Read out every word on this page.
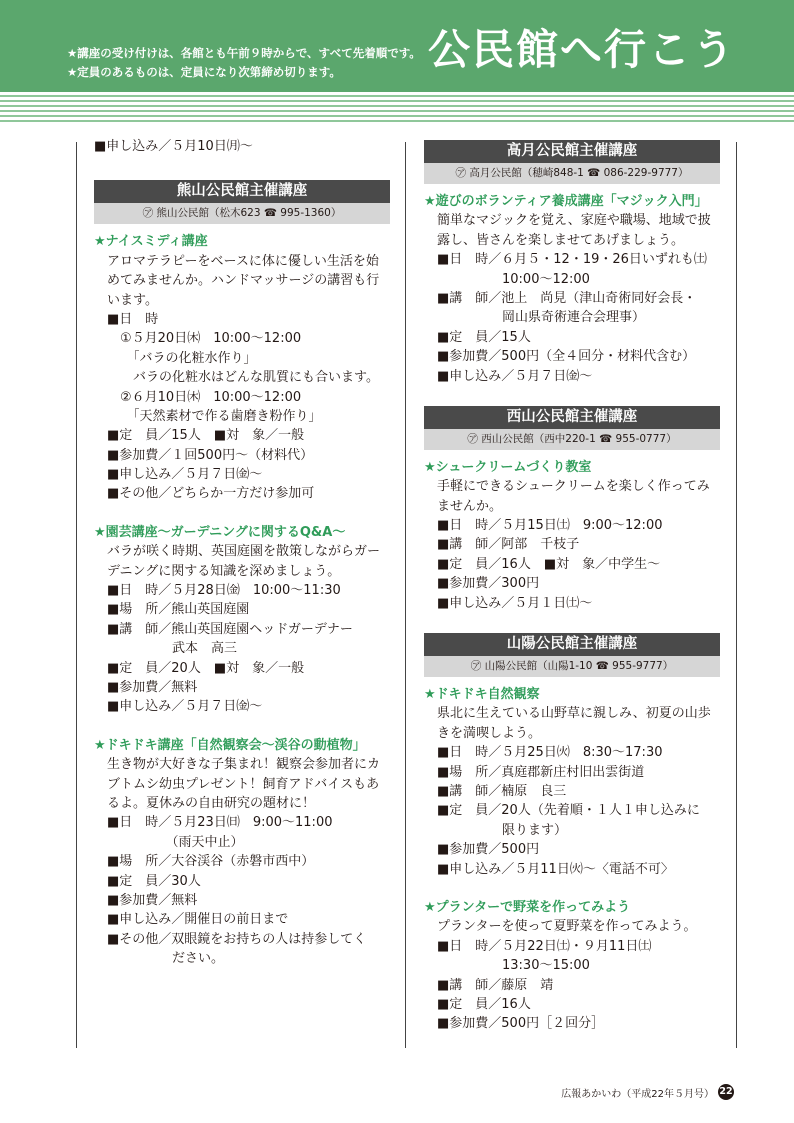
★講座の受け付けは、各館とも午前９時からで、すべて先着順です。
★定員のあるものは、定員になり次第締め切ります。	公民館へ行こう
■申し込み／５月10日㈪～
熊山公民館主催講座
㋐ 熊山公民館（松木623 ☎ 995-1360）
★ナイスミディ講座
　アロマテラピーをベースに体に優しい生活を始
　めてみませんか。ハンドマッサージの講習も行
　います。
　■日　時
　　①５月20日㈭　10:00～12:00
　　　「バラの化粧水作り」
　　　バラの化粧水はどんな肌質にも合います。
　　②６月10日㈭　10:00～12:00
　　　「天然素材で作る歯磨き粉作り」
　■定　員／15人　■対　象／一般
　■参加費／１回500円～（材料代）
　■申し込み／５月７日㈮～
　■その他／どちらか一方だけ参加可
★園芸講座～ガーデニングに関するQ&A～
　バラが咲く時期、英国庭園を散策しながらガー
　デニングに関する知識を深めましょう。
　■日　時／５月28日㈮　10:00～11:30
　■場　所／熊山英国庭園
　■講　師／熊山英国庭園ヘッドガーデナー
　　　　　　武本　高三
　■定　員／20人　■対　象／一般
　■参加費／無料
　■申し込み／５月７日㈮～
★ドキドキ講座「自然観察会～渓谷の動植物」
　生き物が大好きな子集まれ！観察会参加者にカ
　ブトムシ幼虫プレゼント！飼育アドバイスもあ
　るよ。夏休みの自由研究の題材に！
　■日　時／５月23日㈰　9:00～11:00
　　　　　　（雨天中止）
　■場　所／大谷渓谷（赤磐市西中）
　■定　員／30人
　■参加費／無料
　■申し込み／開催日の前日まで
　■その他／双眼鏡をお持ちの人は持参してく
　　　　　　ださい。
高月公民館主催講座
㋐ 高月公民館（穂崎848-1 ☎ 086-229-9777）
★遊びのボランティア養成講座「マジック入門」
　簡単なマジックを覚え、家庭や職場、地域で披
　露し、皆さんを楽しませてあげましょう。
　■日　時／６月５・12・19・26日いずれも㈯
　　　　　　10:00～12:00
　■講　師／池上　尚見（津山奇術同好会長・
　　　　　　岡山県奇術連合会理事）
　■定　員／15人
　■参加費／500円（全４回分・材料代含む）
　■申し込み／５月７日㈮～
西山公民館主催講座
㋐ 西山公民館（西中220-1 ☎ 955-0777）
★シュークリームづくり教室
　手軽にできるシュークリームを楽しく作ってみ
　ませんか。
　■日　時／５月15日㈯　9:00～12:00
　■講　師／阿部　千枝子
　■定　員／16人　■対　象／中学生～
　■参加費／300円
　■申し込み／５月１日㈯～
山陽公民館主催講座
㋐ 山陽公民館（山陽1-10 ☎ 955-9777）
★ドキドキ自然観察
　県北に生えている山野草に親しみ、初夏の山歩
　きを満喫しよう。
　■日　時／５月25日㈫　8:30～17:30
　■場　所／真庭郡新庄村旧出雲街道
　■講　師／楠原　良三
　■定　員／20人（先着順・１人１申し込みに
　　　　　　限ります）
　■参加費／500円
　■申し込み／５月11日㈫～〈電話不可〉
★プランターで野菜を作ってみよう
　プランターを使って夏野菜を作ってみよう。
　■日　時／５月22日㈯・９月11日㈯
　　　　　　13:30～15:00
　■講　師／藤原　靖
　■定　員／16人
　■参加費／500円［２回分］
広報あかいわ（平成22年５月号） 22
